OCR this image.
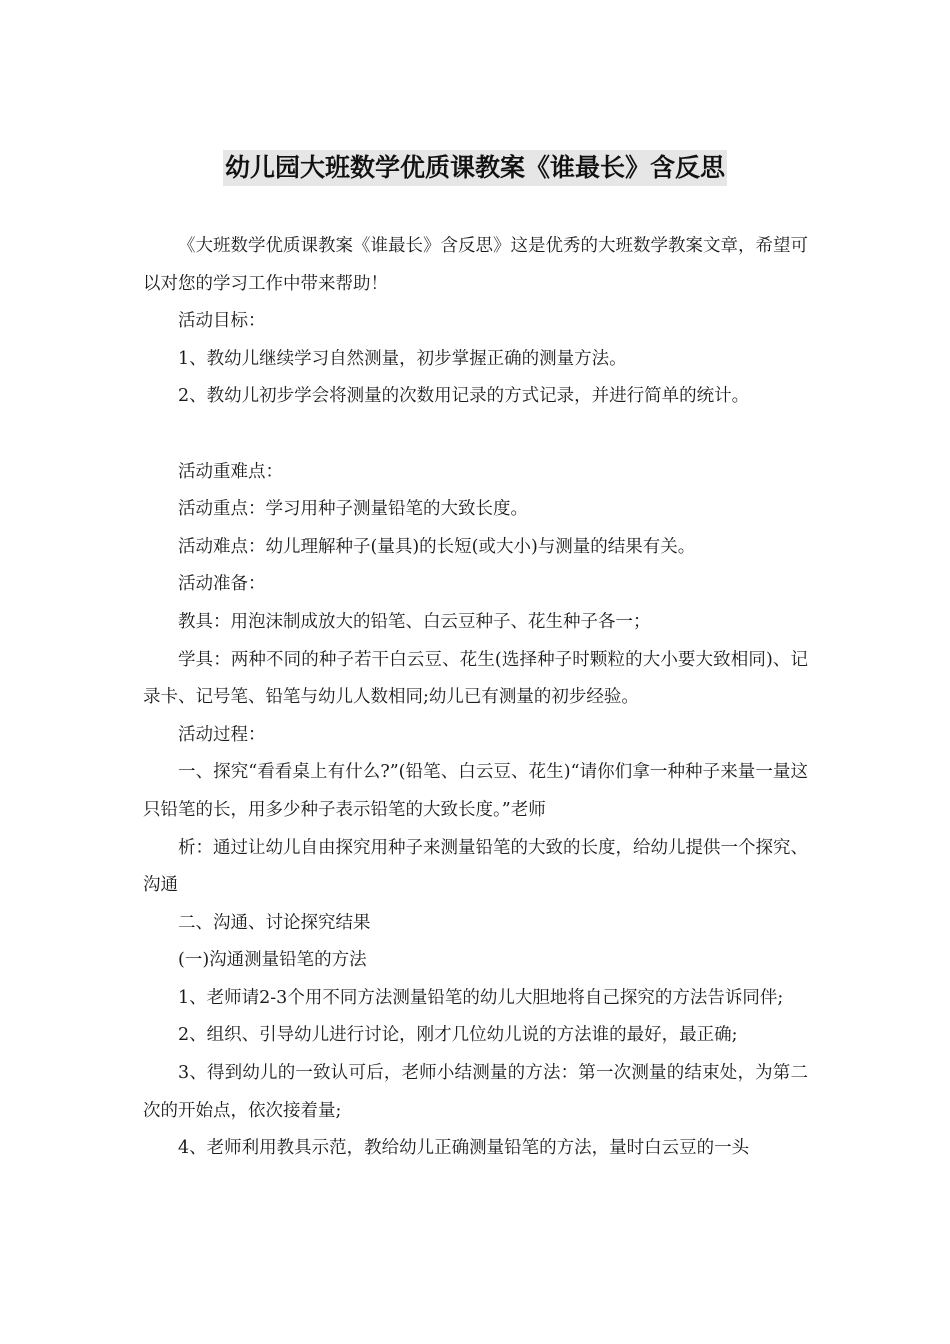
幼儿园大班数学优质课教案《谁最长》含反思

《大班数学优质课教案《谁最长》含反思》这是优秀的大班数学教案文章，希望可以对您的学习工作中带来帮助！

活动目标：

1、教幼儿继续学习自然测量，初步掌握正确的测量方法。

2、教幼儿初步学会将测量的次数用记录的方式记录，并进行简单的统计。

活动重难点：

活动重点：学习用种子测量铅笔的大致长度。

活动难点：幼儿理解种子(量具)的长短(或大小)与测量的结果有关。

活动准备：

教具：用泡沫制成放大的铅笔、白云豆种子、花生种子各一；

学具：两种不同的种子若干白云豆、花生(选择种子时颗粒的大小要大致相同)、记录卡、记号笔、铅笔与幼儿人数相同;幼儿已有测量的初步经验。

活动过程：

一、探究“看看桌上有什么?”(铅笔、白云豆、花生)“请你们拿一种种子来量一量这只铅笔的长，用多少种子表示铅笔的大致长度。”老师

析：通过让幼儿自由探究用种子来测量铅笔的大致的长度，给幼儿提供一个探究、沟通

二、沟通、讨论探究结果

(一)沟通测量铅笔的方法

1、老师请2-3个用不同方法测量铅笔的幼儿大胆地将自己探究的方法告诉同伴;

2、组织、引导幼儿进行讨论，刚才几位幼儿说的方法谁的最好，最正确;

3、得到幼儿的一致认可后，老师小结测量的方法：第一次测量的结束处，为第二次的开始点，依次接着量;

4、老师利用教具示范，教给幼儿正确测量铅笔的方法，量时白云豆的一头
